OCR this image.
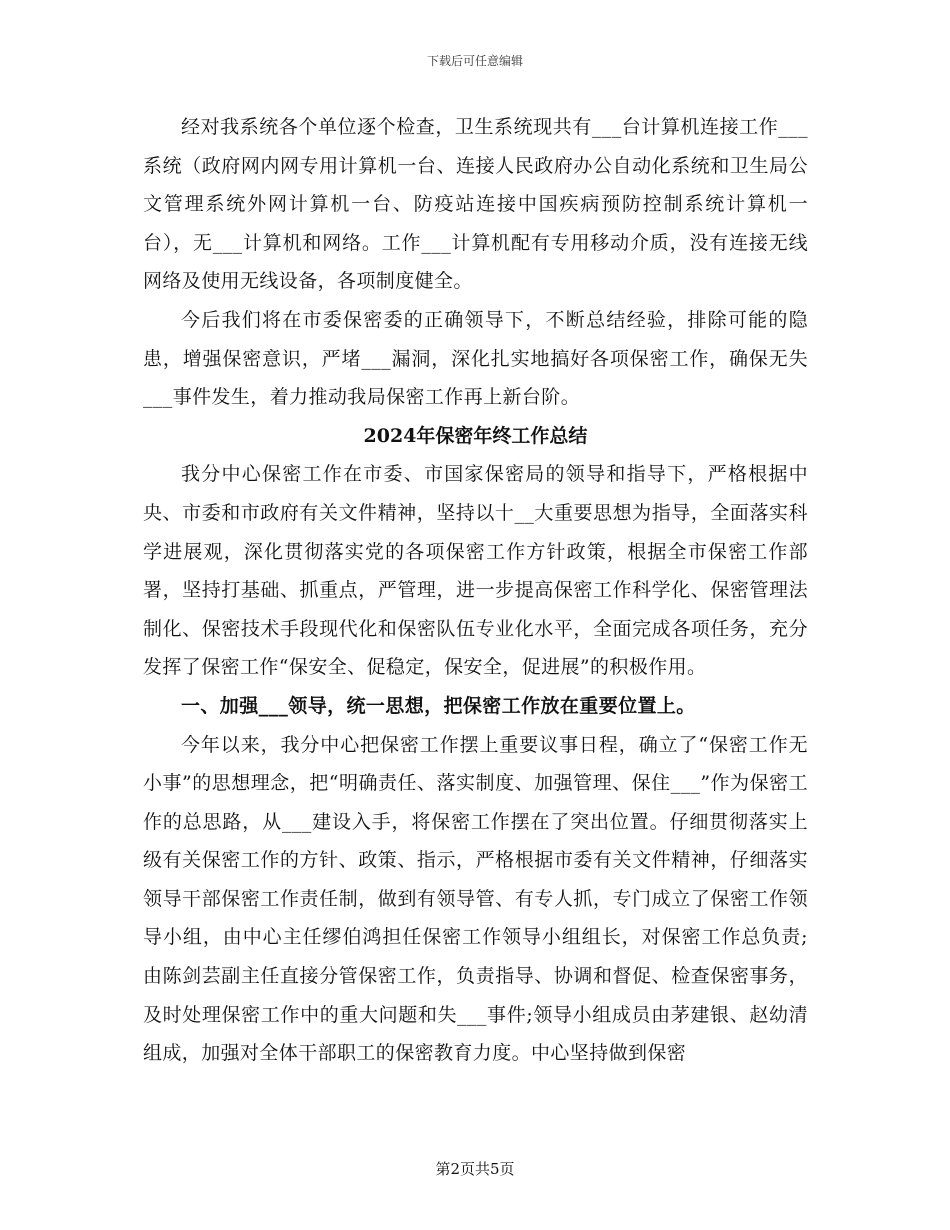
下载后可任意编辑

经对我系统各个单位逐个检查，卫生系统现共有___台计算机连接工作___系统（政府网内网专用计算机一台、连接人民政府办公自动化系统和卫生局公文管理系统外网计算机一台、防疫站连接中国疾病预防控制系统计算机一台），无___计算机和网络。工作___计算机配有专用移动介质，没有连接无线网络及使用无线设备，各项制度健全。

今后我们将在市委保密委的正确领导下，不断总结经验，排除可能的隐患，增强保密意识，严堵___漏洞，深化扎实地搞好各项保密工作，确保无失___事件发生，着力推动我局保密工作再上新台阶。

2024年保密年终工作总结

我分中心保密工作在市委、市国家保密局的领导和指导下，严格根据中央、市委和市政府有关文件精神，坚持以十__大重要思想为指导，全面落实科学进展观，深化贯彻落实党的各项保密工作方针政策，根据全市保密工作部署，坚持打基础、抓重点，严管理，进一步提高保密工作科学化、保密管理法制化、保密技术手段现代化和保密队伍专业化水平，全面完成各项任务，充分发挥了保密工作“保安全、促稳定，保安全，促进展”的积极作用。

一、加强___领导，统一思想，把保密工作放在重要位置上。

今年以来，我分中心把保密工作摆上重要议事日程，确立了“保密工作无小事”的思想理念，把“明确责任、落实制度、加强管理、保住___”作为保密工作的总思路，从___建设入手，将保密工作摆在了突出位置。仔细贯彻落实上级有关保密工作的方针、政策、指示，严格根据市委有关文件精神，仔细落实领导干部保密工作责任制，做到有领导管、有专人抓，专门成立了保密工作领导小组，由中心主任缪伯鸿担任保密工作领导小组组长，对保密工作总负责;由陈剑芸副主任直接分管保密工作，负责指导、协调和督促、检查保密事务，及时处理保密工作中的重大问题和失___事件;领导小组成员由茅建银、赵幼清组成，加强对全体干部职工的保密教育力度。中心坚持做到保密

第2页共5页
